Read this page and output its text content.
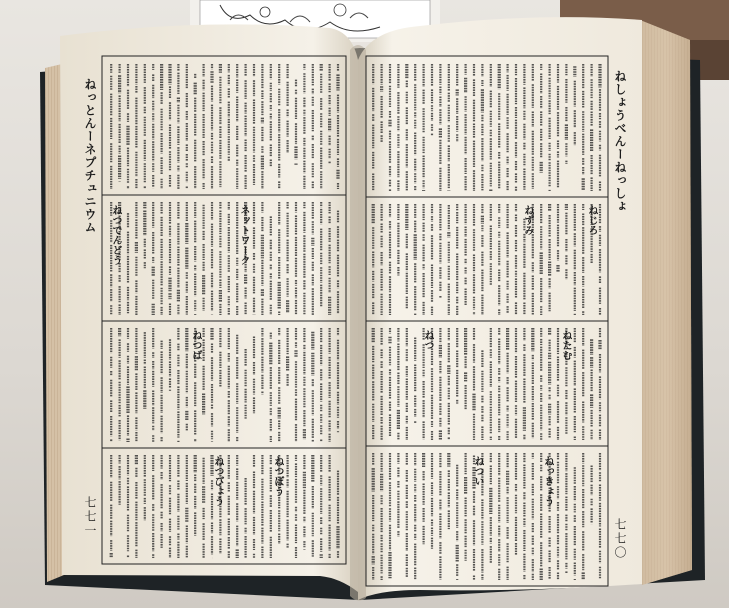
ねっとんーネプチュニウム
七七一
ねしょうべんーねっしょ
七七〇
ねつでんどう	ネットワーク
ねつば
ねつびょう	ねつぼう
ねじろ
ねずみ
ねたむ
ねつ
ねつい	ねっきょう
